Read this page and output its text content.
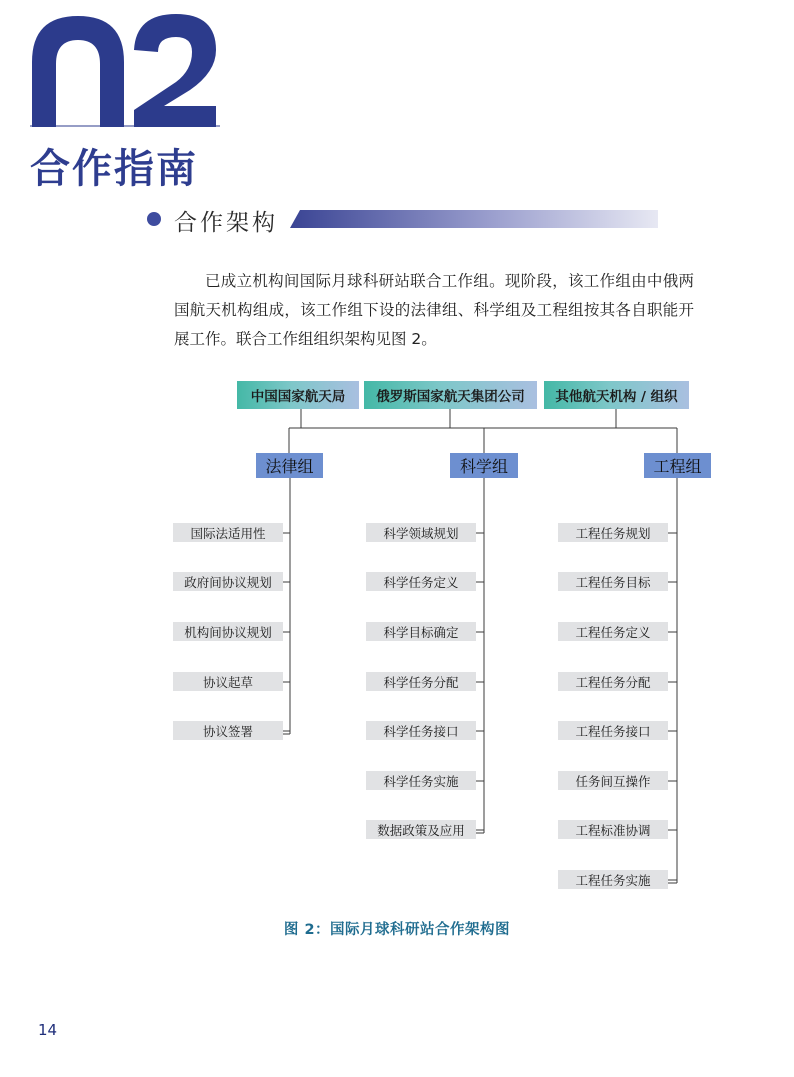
合作指南
合作架构
已成立机构间国际月球科研站联合工作组。现阶段，该工作组由中俄两国航天机构组成，该工作组下设的法律组、科学组及工程组按其各自职能开展工作。联合工作组组织架构见图 2。
中国国家航天局	俄罗斯国家航天集团公司	其他航天机构 / 组织
法律组	科学组	工程组
国际法适用性
政府间协议规划
机构间协议规划
协议起草
协议签署
科学领域规划
科学任务定义
科学目标确定
科学任务分配
科学任务接口
科学任务实施
数据政策及应用
工程任务规划
工程任务目标
工程任务定义
工程任务分配
工程任务接口
任务间互操作
工程标准协调
工程任务实施
图 2：国际月球科研站合作架构图
14
